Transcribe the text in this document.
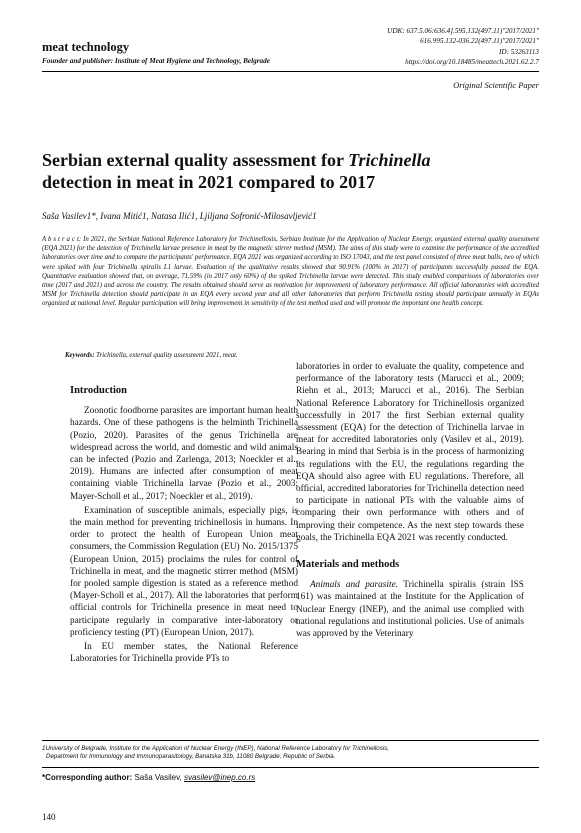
meat technology
Founder and publisher: Institute of Meat Hygiene and Technology, Belgrade
UDK: 637.5.06:636.4].595.132(497.11)"2017/2021"
616.995.132-036.22(497.11)"2017/2021"
ID: 53263113
https://doi.org/10.18485/meattech.2021.62.2.7
Original Scientific Paper
Serbian external quality assessment for Trichinella
detection in meat in 2021 compared to 2017
Saša Vasilev1*, Ivana Mitić1, Natasa Ilić1, Ljiljana Sofronić-Milosavljević1
A b s t r a c t: In 2021, the Serbian National Reference Laboratory for Trichinellosis, Serbian Institute for the Application of Nuclear Energy, organized external quality assessment (EQA 2021) for the detection of Trichinella larvae presence in meat by the magnetic stirrer method (MSM). The aims of this study were to examine the performance of the accredited laboratories over time and to compare the participants' performance. EQA 2021 was organized according to ISO 17043, and the test panel consisted of three meat balls, two of which were spiked with four Trichinella spiralis L1 larvae. Evaluation of the qualitative results showed that 90.91% (100% in 2017) of participants successfully passed the EQA. Quantitative evaluation showed that, on average, 71.59% (in 2017 only 60%) of the spiked Trichinella larvae were detected. This study enabled comparisons of laboratories over time (2017 and 2021) and across the country. The results obtained should serve as motivation for improvement of laboratory performance. All official laboratories with accredited MSM for Trichinella detection should participate in an EQA every second year and all other laboratories that perform Trichinella testing should participate annually in EQAs organized at national level. Regular participation will bring improvement in sensitivity of the test method used and will promote the important one health concept.
Keywords: Trichinella, external quality assessment 2021, meat.

Introduction

Zoonotic foodborne parasites are important human health hazards. One of these pathogens is the helminth Trichinella (Pozio, 2020). Parasites of the genus Trichinella are widespread across the world, and domestic and wild animals can be infected (Pozio and Zarlenga, 2013; Noeckler et al., 2019). Humans are infected after consumption of meat containing viable Trichinella larvae (Pozio et al., 2003; Mayer-Scholl et al., 2017; Noeckler et al., 2019).

Examination of susceptible animals, especially pigs, is the main method for preventing trichinellosis in humans. In order to protect the health of European Union meat consumers, the Commission Regulation (EU) No. 2015/1375 (European Union, 2015) proclaims the rules for control of Trichinella in meat, and the magnetic stirrer method (MSM) for pooled sample digestion is stated as a reference method (Mayer-Scholl et al., 2017). All the laboratories that perform official controls for Trichinella presence in meat need to participate regularly in comparative inter-laboratory or proficiency testing (PT) (European Union, 2017).

In EU member states, the National Reference Laboratories for Trichinella provide PTs to

laboratories in order to evaluate the quality, competence and performance of the laboratory tests (Marucci et al., 2009; Riehn et al., 2013; Marucci et al., 2016). The Serbian National Reference Laboratory for Trichinellosis organized successfully in 2017 the first Serbian external quality assessment (EQA) for the detection of Trichinella larvae in meat for accredited laboratories only (Vasilev et al., 2019). Bearing in mind that Serbia is in the process of harmonizing its regulations with the EU, the regulations regarding the EQA should also agree with EU regulations. Therefore, all official, accredited laboratories for Trichinella detection need to participate in national PTs with the valuable aims of comparing their own performance with others and of improving their competence. As the next step towards these goals, the Trichinella EQA 2021 was recently conducted.

Materials and methods

Animals and parasite. Trichinella spiralis (strain ISS 161) was maintained at the Institute for the Application of Nuclear Energy (INEP), and the animal use complied with national regulations and institutional policies. Use of animals was approved by the Veterinary

1University of Belgrade, Institute for the Application of Nuclear Energy (INEP), National Reference Laboratory for Trichinellosis,
Department for Immunology and Immunoparasitology, Banatska 31b, 11080 Belgrade, Republic of Serbia.
*Corresponding author: Saša Vasilev, svasilev@inep.co.rs
140
